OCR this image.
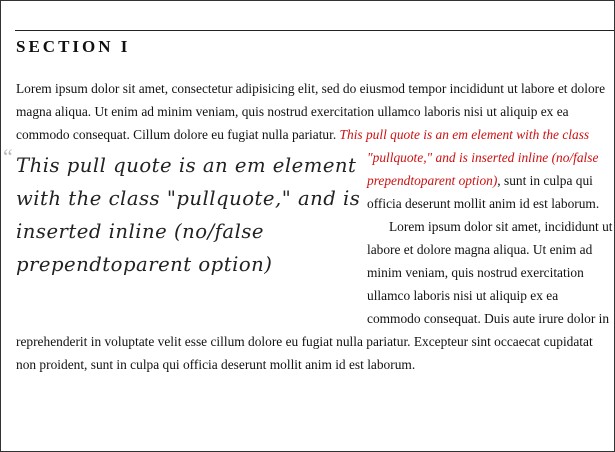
SECTION I

Lorem ipsum dolor sit amet, consectetur adipisicing elit, sed do eiusmod tempor incididunt ut labore et dolore magna aliqua. Ut enim ad minim veniam, quis nostrud exercitation ullamco laboris nisi ut aliquip ex ea commodo consequat. Cillum dolore eu fugiat nulla pariatur.
“ This pull quote is an em element with the class "pullquote," and is inserted inline (no/false prependtoparent option)
This pull quote is an em element with the class "pullquote," and is inserted inline (no/false prependtoparent option), sunt in culpa qui officia deserunt mollit anim id est laborum.

Lorem ipsum dolor sit amet, incididunt ut labore et dolore magna aliqua. Ut enim ad minim veniam, quis nostrud exercitation ullamco laboris nisi ut aliquip ex ea commodo consequat. Duis aute irure dolor in reprehenderit in voluptate velit esse cillum dolore eu fugiat nulla pariatur. Excepteur sint occaecat cupidatat non proident, sunt in culpa qui officia deserunt mollit anim id est laborum.
